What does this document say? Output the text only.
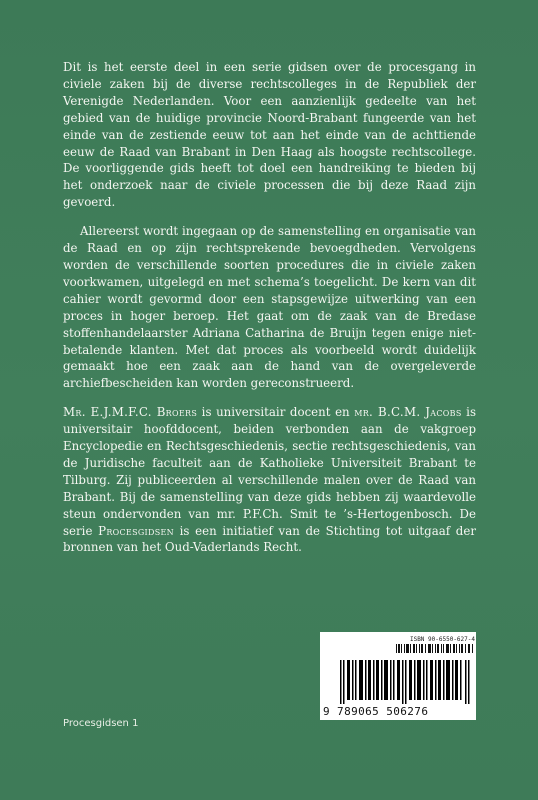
Dit is het eerste deel in een serie gidsen over de procesgang in civiele zaken bij de diverse rechtscolleges in de Republiek der Verenigde Nederlanden. Voor een aanzienlijk gedeelte van het gebied van de huidige provincie Noord-Brabant fungeerde van het einde van de zestiende eeuw tot aan het einde van de achttiende eeuw de Raad van Brabant in Den Haag als hoogste rechtscollege. De voorliggende gids heeft tot doel een handreiking te bieden bij het onderzoek naar de civiele processen die bij deze Raad zijn gevoerd.

Allereerst wordt ingegaan op de samenstelling en organisatie van de Raad en op zijn rechtsprekende bevoegdheden. Vervolgens worden de verschillende soorten procedures die in civiele zaken voorkwamen, uitgelegd en met schema’s toegelicht. De kern van dit cahier wordt gevormd door een stapsgewijze uitwerking van een proces in hoger beroep. Het gaat om de zaak van de Bredase stoffenhandelaarster Adriana Catharina de Bruijn tegen enige niet-betalende klanten. Met dat proces als voorbeeld wordt duidelijk gemaakt hoe een zaak aan de hand van de overgeleverde archiefbescheiden kan worden gereconstrueerd.

Mr. E.J.M.F.C. Broers is universitair docent en mr. B.C.M. Jacobs is universitair hoofddocent, beiden verbonden aan de vakgroep Encyclopedie en Rechtsgeschiedenis, sectie rechtsgeschiedenis, van de Juridische faculteit aan de Katholieke Universiteit Brabant te Tilburg. Zij publiceerden al verschillende malen over de Raad van Brabant. Bij de samenstelling van deze gids hebben zij waardevolle steun ondervonden van mr. P.F.Ch. Smit te ’s-Hertogenbosch. De serie Procesgidsen is een initiatief van de Stichting tot uitgaaf der bronnen van het Oud-Vaderlands Recht.

ISBN 90-6550-627-4
9 789065 506276
Procesgidsen 1
